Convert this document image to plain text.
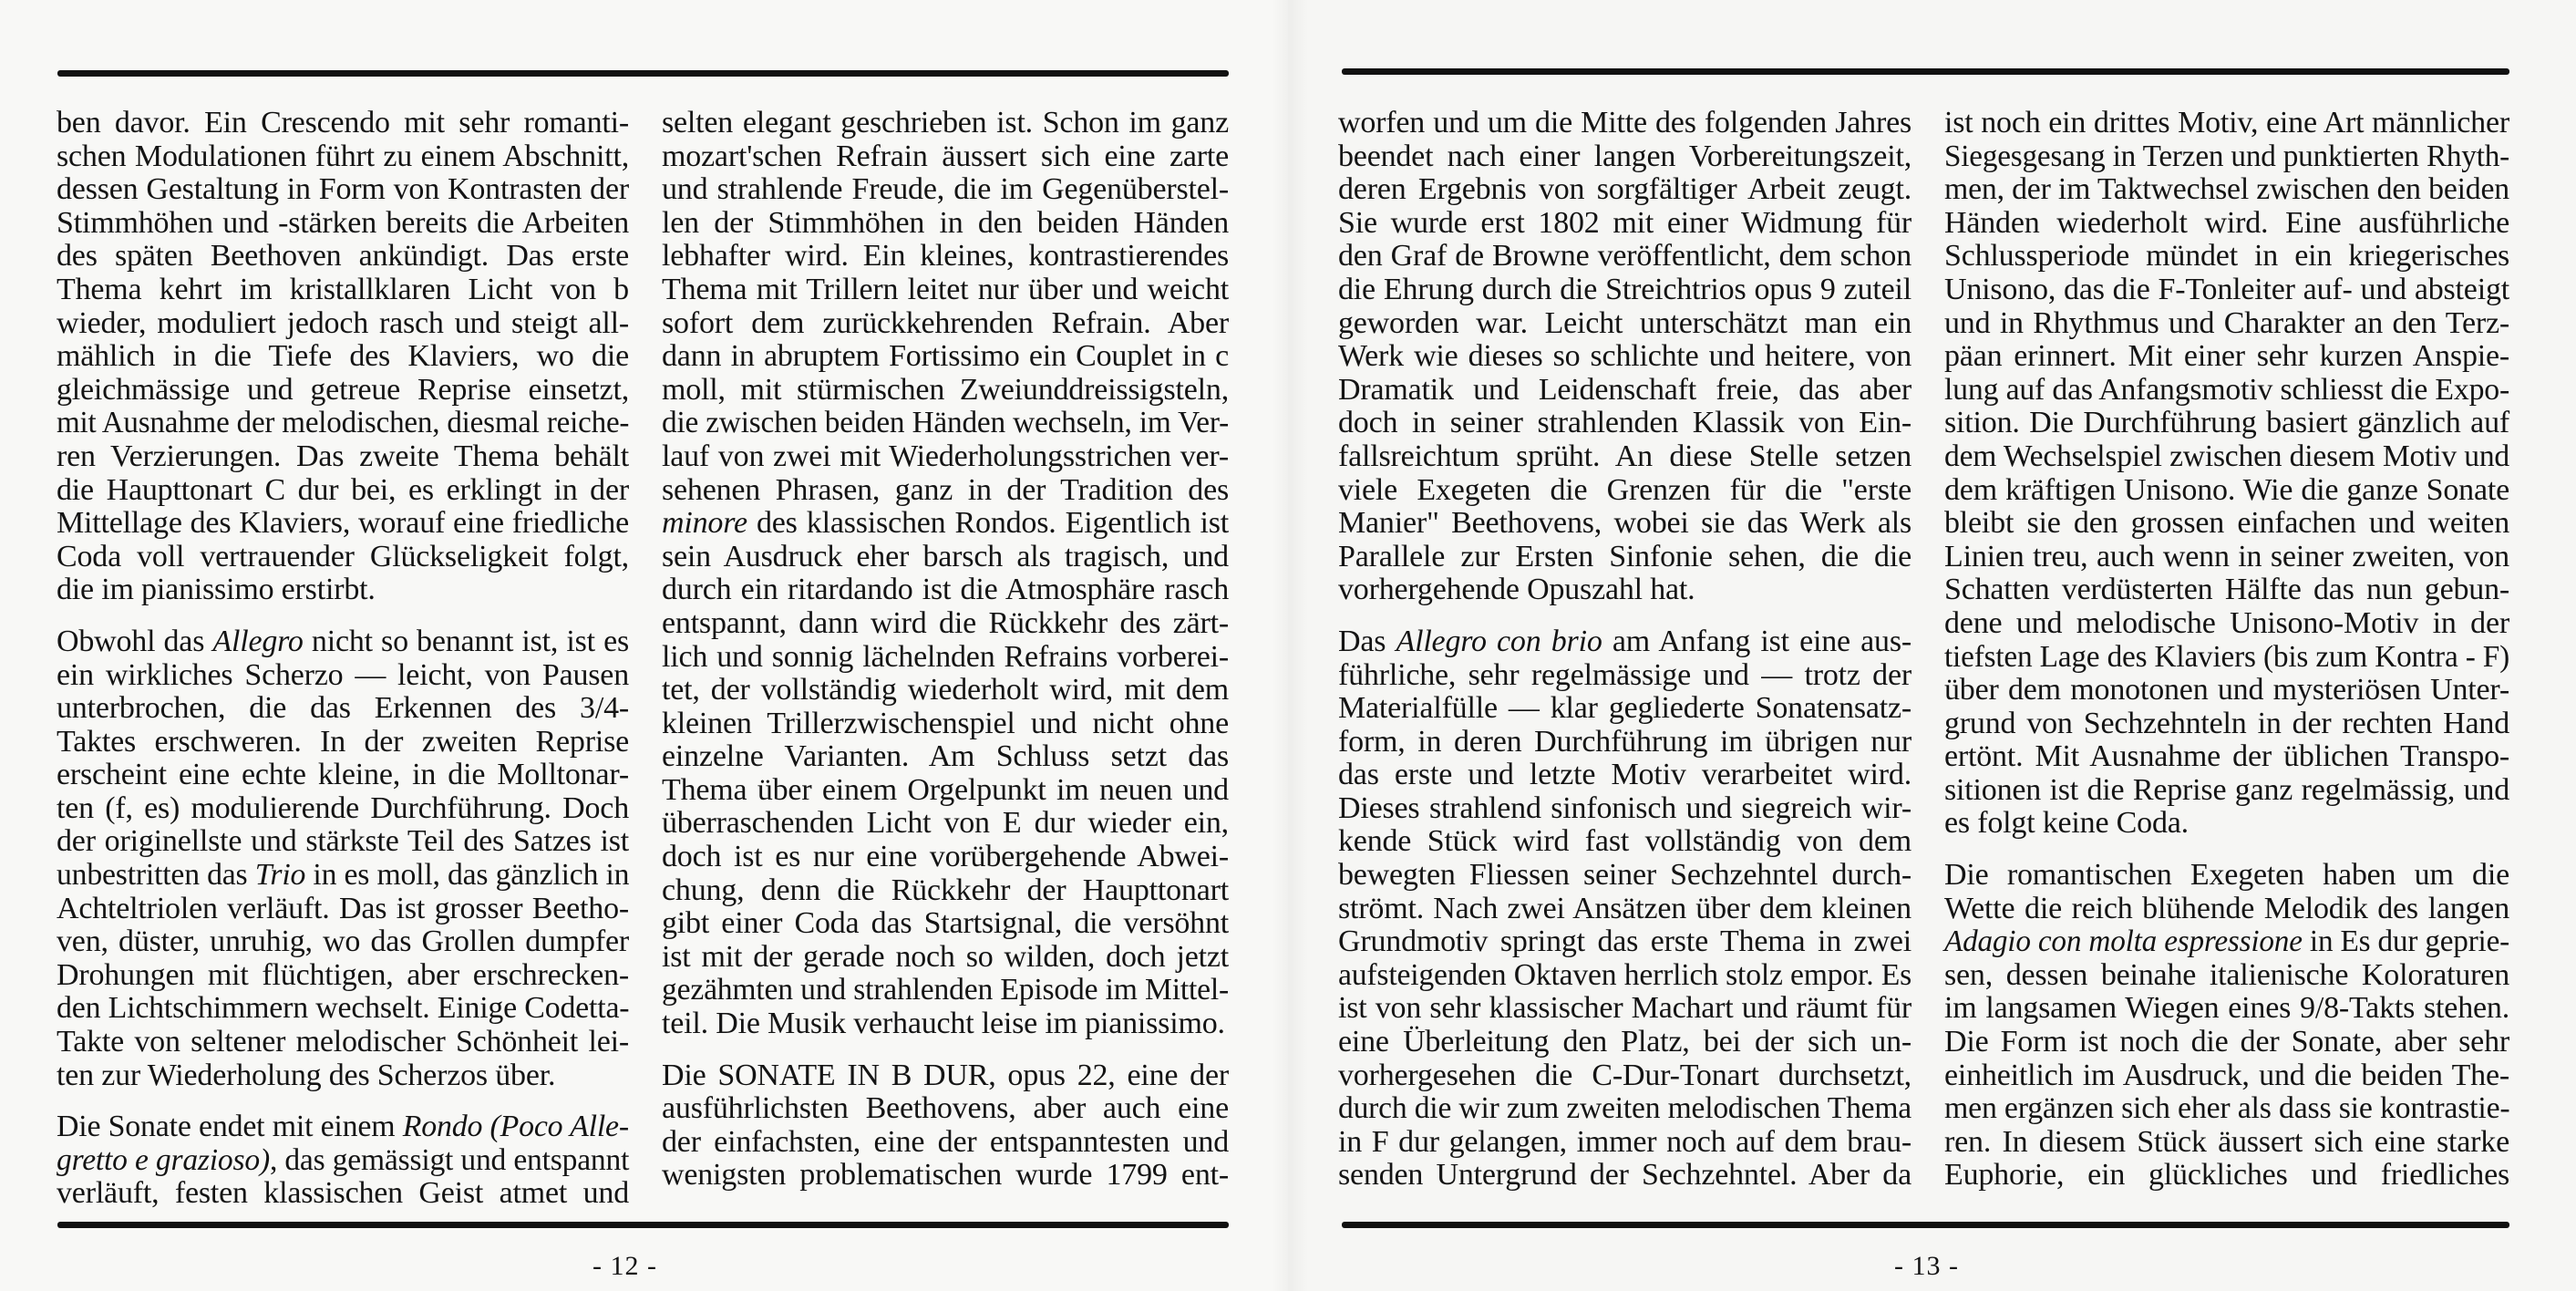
ben davor. Ein Crescendo mit sehr romanti-
schen Modulationen führt zu einem Abschnitt,
dessen Gestaltung in Form von Kontrasten der
Stimmhöhen und -stärken bereits die Arbeiten
des späten Beethoven ankündigt. Das erste
Thema kehrt im kristallklaren Licht von b
wieder, moduliert jedoch rasch und steigt all-
mählich in die Tiefe des Klaviers, wo die
gleichmässige und getreue Reprise einsetzt,
mit Ausnahme der melodischen, diesmal reiche-
ren Verzierungen. Das zweite Thema behält
die Haupttonart C dur bei, es erklingt in der
Mittellage des Klaviers, worauf eine friedliche
Coda voll vertrauender Glückseligkeit folgt,
die im pianissimo erstirbt.
Obwohl das Allegro nicht so benannt ist, ist es
ein wirkliches Scherzo — leicht, von Pausen
unterbrochen, die das Erkennen des 3/4-
Taktes erschweren. In der zweiten Reprise
erscheint eine echte kleine, in die Molltonar-
ten (f, es) modulierende Durchführung. Doch
der originellste und stärkste Teil des Satzes ist
unbestritten das Trio in es moll, das gänzlich in
Achteltriolen verläuft. Das ist grosser Beetho-
ven, düster, unruhig, wo das Grollen dumpfer
Drohungen mit flüchtigen, aber erschrecken-
den Lichtschimmern wechselt. Einige Codetta-
Takte von seltener melodischer Schönheit lei-
ten zur Wiederholung des Scherzos über.
Die Sonate endet mit einem Rondo (Poco Alle-
gretto e grazioso), das gemässigt und entspannt
verläuft, festen klassischen Geist atmet und
selten elegant geschrieben ist. Schon im ganz
mozart'schen Refrain äussert sich eine zarte
und strahlende Freude, die im Gegenüberstel-
len der Stimmhöhen in den beiden Händen
lebhafter wird. Ein kleines, kontrastierendes
Thema mit Trillern leitet nur über und weicht
sofort dem zurückkehrenden Refrain. Aber
dann in abruptem Fortissimo ein Couplet in c
moll, mit stürmischen Zweiunddreissigsteln,
die zwischen beiden Händen wechseln, im Ver-
lauf von zwei mit Wiederholungsstrichen ver-
sehenen Phrasen, ganz in der Tradition des
minore des klassischen Rondos. Eigentlich ist
sein Ausdruck eher barsch als tragisch, und
durch ein ritardando ist die Atmosphäre rasch
entspannt, dann wird die Rückkehr des zärt-
lich und sonnig lächelnden Refrains vorberei-
tet, der vollständig wiederholt wird, mit dem
kleinen Trillerzwischenspiel und nicht ohne
einzelne Varianten. Am Schluss setzt das
Thema über einem Orgelpunkt im neuen und
überraschenden Licht von E dur wieder ein,
doch ist es nur eine vorübergehende Abwei-
chung, denn die Rückkehr der Haupttonart
gibt einer Coda das Startsignal, die versöhnt
ist mit der gerade noch so wilden, doch jetzt
gezähmten und strahlenden Episode im Mittel-
teil. Die Musik verhaucht leise im pianissimo.
Die SONATE IN B DUR, opus 22, eine der
ausführlichsten Beethovens, aber auch eine
der einfachsten, eine der entspanntesten und
wenigsten problematischen wurde 1799 ent-
worfen und um die Mitte des folgenden Jahres
beendet nach einer langen Vorbereitungszeit,
deren Ergebnis von sorgfältiger Arbeit zeugt.
Sie wurde erst 1802 mit einer Widmung für
den Graf de Browne veröffentlicht, dem schon
die Ehrung durch die Streichtrios opus 9 zuteil
geworden war. Leicht unterschätzt man ein
Werk wie dieses so schlichte und heitere, von
Dramatik und Leidenschaft freie, das aber
doch in seiner strahlenden Klassik von Ein-
fallsreichtum sprüht. An diese Stelle setzen
viele Exegeten die Grenzen für die "erste
Manier" Beethovens, wobei sie das Werk als
Parallele zur Ersten Sinfonie sehen, die die
vorhergehende Opuszahl hat.
Das Allegro con brio am Anfang ist eine aus-
führliche, sehr regelmässige und — trotz der
Materialfülle — klar gegliederte Sonatensatz-
form, in deren Durchführung im übrigen nur
das erste und letzte Motiv verarbeitet wird.
Dieses strahlend sinfonisch und siegreich wir-
kende Stück wird fast vollständig von dem
bewegten Fliessen seiner Sechzehntel durch-
strömt. Nach zwei Ansätzen über dem kleinen
Grundmotiv springt das erste Thema in zwei
aufsteigenden Oktaven herrlich stolz empor. Es
ist von sehr klassischer Machart und räumt für
eine Überleitung den Platz, bei der sich un-
vorhergesehen die C-Dur-Tonart durchsetzt,
durch die wir zum zweiten melodischen Thema
in F dur gelangen, immer noch auf dem brau-
senden Untergrund der Sechzehntel. Aber da
ist noch ein drittes Motiv, eine Art männlicher
Siegesgesang in Terzen und punktierten Rhyth-
men, der im Taktwechsel zwischen den beiden
Händen wiederholt wird. Eine ausführliche
Schlussperiode mündet in ein kriegerisches
Unisono, das die F-Tonleiter auf- und absteigt
und in Rhythmus und Charakter an den Terz-
päan erinnert. Mit einer sehr kurzen Anspie-
lung auf das Anfangsmotiv schliesst die Expo-
sition. Die Durchführung basiert gänzlich auf
dem Wechselspiel zwischen diesem Motiv und
dem kräftigen Unisono. Wie die ganze Sonate
bleibt sie den grossen einfachen und weiten
Linien treu, auch wenn in seiner zweiten, von
Schatten verdüsterten Hälfte das nun gebun-
dene und melodische Unisono-Motiv in der
tiefsten Lage des Klaviers (bis zum Kontra - F)
über dem monotonen und mysteriösen Unter-
grund von Sechzehnteln in der rechten Hand
ertönt. Mit Ausnahme der üblichen Transpo-
sitionen ist die Reprise ganz regelmässig, und
es folgt keine Coda.
Die romantischen Exegeten haben um die
Wette die reich blühende Melodik des langen
Adagio con molta espressione in Es dur geprie-
sen, dessen beinahe italienische Koloraturen
im langsamen Wiegen eines 9/8-Takts stehen.
Die Form ist noch die der Sonate, aber sehr
einheitlich im Ausdruck, und die beiden The-
men ergänzen sich eher als dass sie kontrastie-
ren. In diesem Stück äussert sich eine starke
Euphorie, ein glückliches und friedliches
- 12 -	- 13 -
